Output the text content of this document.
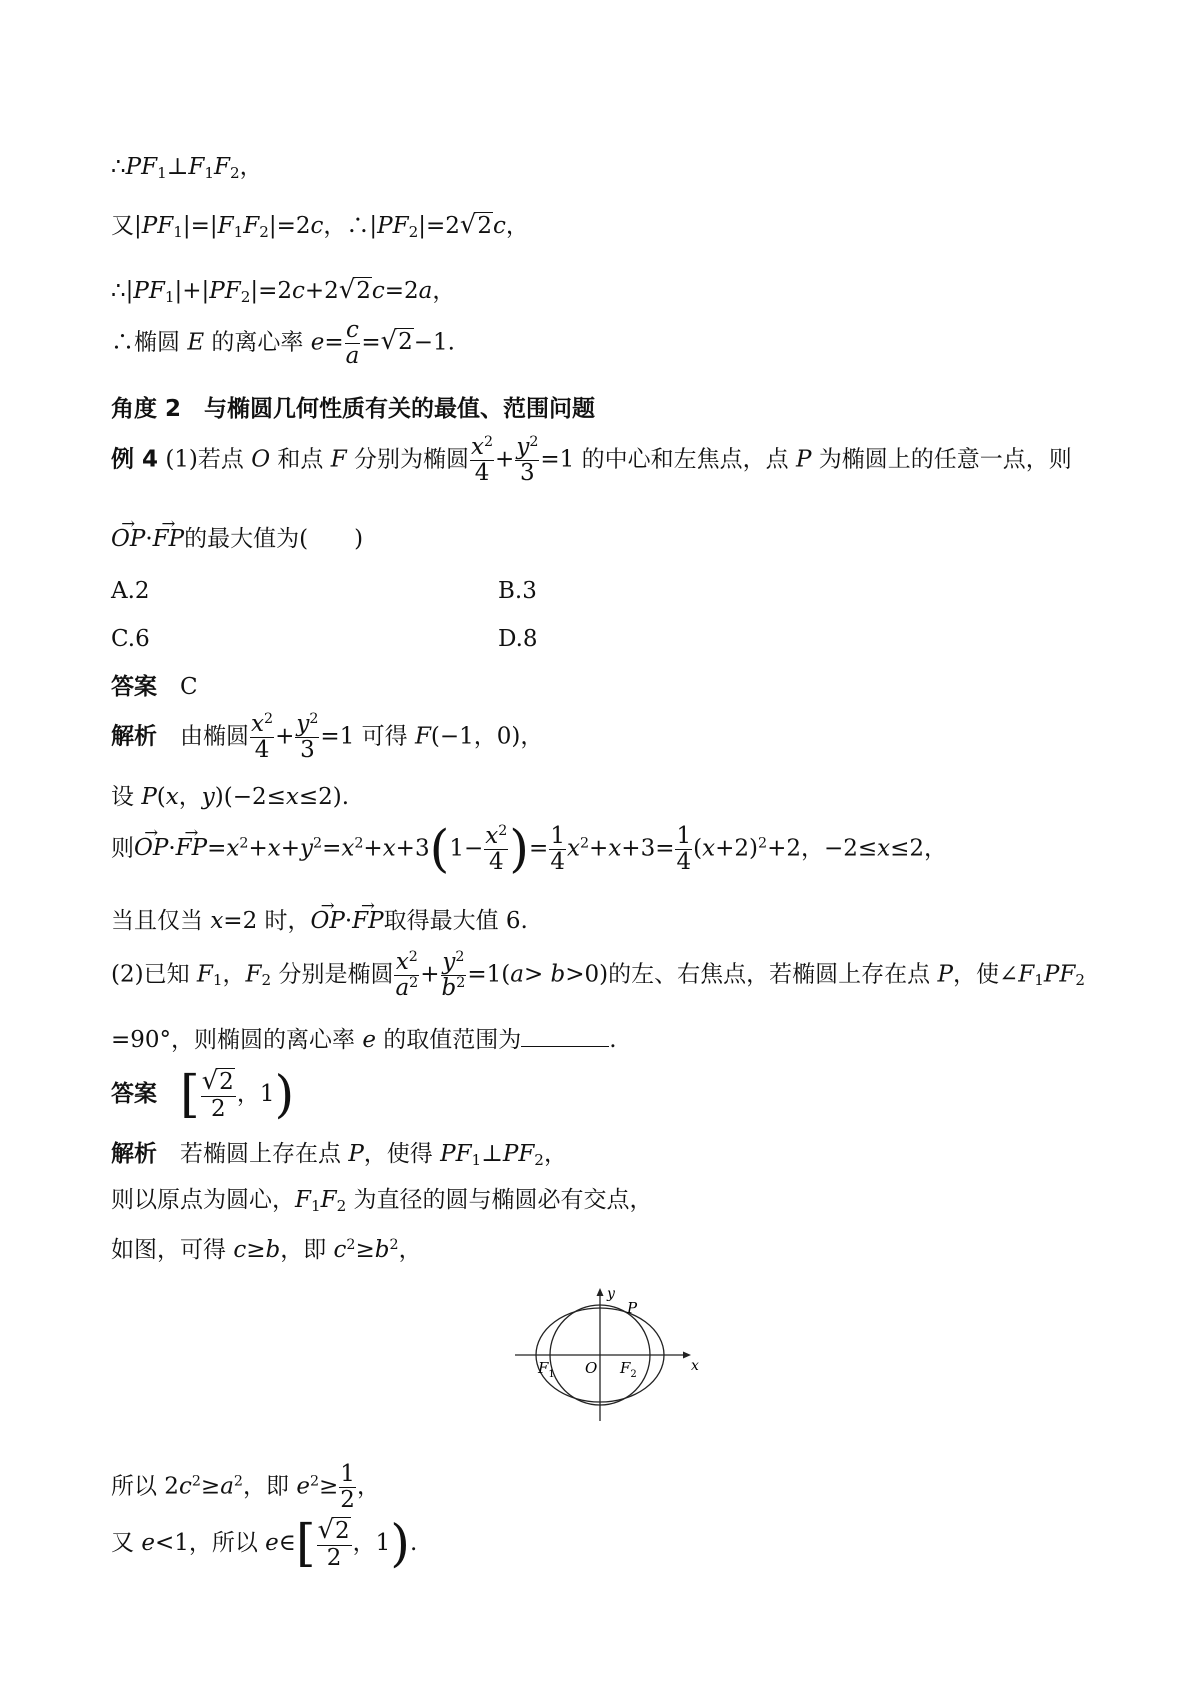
$\therefore PF_1\perp F_1F_2$，
又$|PF_1|=|F_1F_2|=2c$，$\therefore|PF_2|=2√2c$，
$\therefore|PF_1|+|PF_2|=2c+2√2c=2a$，
∴椭圆 E 的离心率 $e= \frac{c}{a} =√2-1$.
角度 2　与椭圆几何性质有关的最值、范围问题
例 4 (1)若点 O 和点 F 分别为椭圆 $\frac{x^2}{4} + \frac{y^2}{3} =1$ 的中心和左焦点，点 P 为椭圆上的任意一点，则
→ OP·→ FP的最大值为(　　)
A.2	B.3
C.6	D.8
答案　 C
解析　由椭圆 $\frac{x^2}{4} + \frac{y^2}{3} =1$ 可得 F(−1，0)，
设 P(x，y)(−2≤x≤2).
则→ $OP\cdot\to FP=x^2+x+y^2=x^2+x+3(1- \frac{x^2}{4}$ )= $\frac{1}{4} x^2+x+3= \frac{1}{4} (x+2)^2+2$，−2≤x≤2，
当且仅当 x=2 时，→ OP·→ FP取得最大值 6.
(2)已知 $F_1$，$F_2$ 分别是椭圆 $\frac{x^2}{a^2} + \frac{y^2}{b^2} =1(a> b>0)$的左、右焦点，若椭圆上存在点 P，使$\angle F_1PF_2$
=90°，则椭圆的离心率 e 的取值范围为	.
答案　 [ $\frac{√2}{2}$ ，1)
解析　若椭圆上存在点 P，使得 $PF_1\perp PF_2$，
则以原点为圆心，$F_1F_2$ 为直径的圆与椭圆必有交点，
如图，可得 c≥b，即 $c^2\ge b^2$，
y
x
P
O
$F_1$	$F_2$
所以 $2c^2\ge a^2$，即 $e^2\ge \frac{1}{2}$ ，
又 e<1，所以 e∈[ $\frac{√2}{2}$ ，1).
